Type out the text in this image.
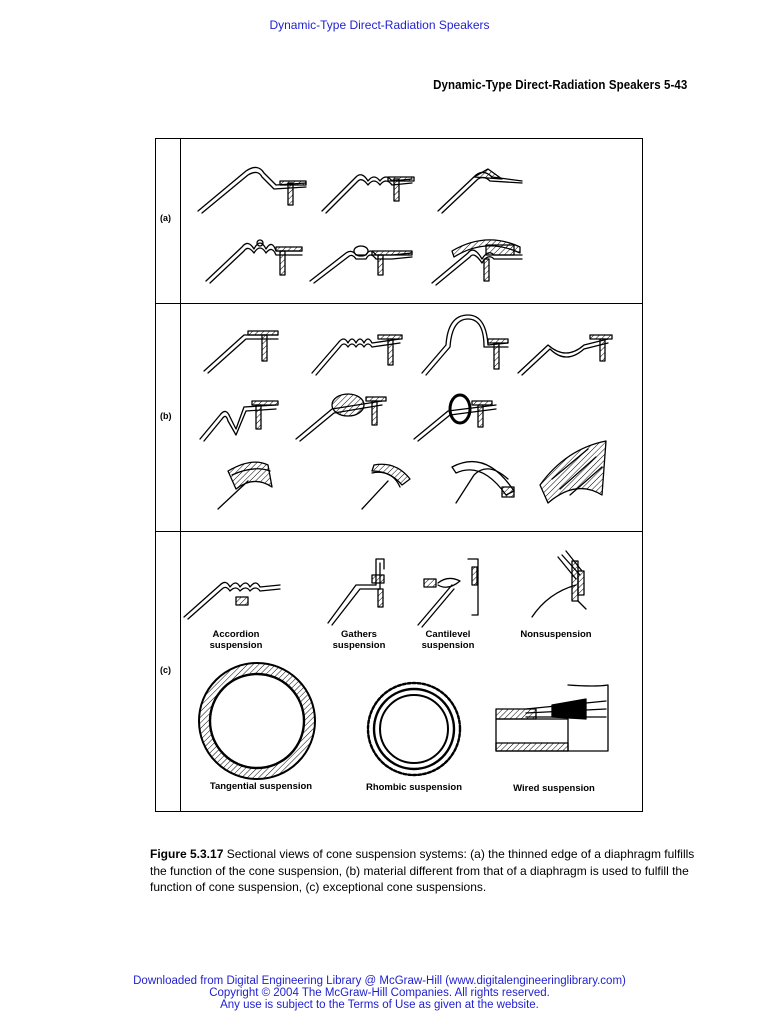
Dynamic-Type Direct-Radiation Speakers
Dynamic-Type Direct-Radiation Speakers 5-43
(a)
(b)
(c)
Accordion
suspension
Gathers
suspension
Cantilevel
suspension
Nonsuspension
Tangential suspension	Rhombic suspension	Wired suspension
Figure 5.3.17 Sectional views of cone suspension systems: (a) the thinned edge of a diaphragm fulfills the function of the cone suspension, (b) material different from that of a diaphragm is used to fulfill the function of cone suspension, (c) exceptional cone suspensions.
Downloaded from Digital Engineering Library @ McGraw-Hill (www.digitalengineeringlibrary.com)
Copyright © 2004 The McGraw-Hill Companies. All rights reserved.
Any use is subject to the Terms of Use as given at the website.
